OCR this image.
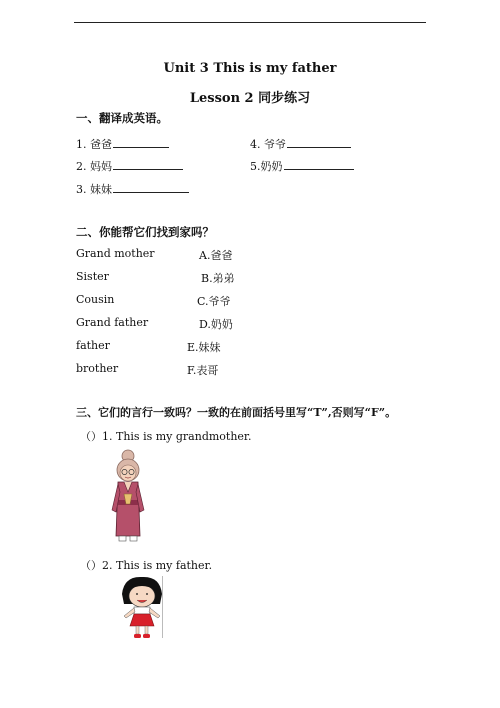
Unit 3 This is my father
Lesson 2 同步练习
一、翻译成英语。
1. 爸爸	4. 爷爷
2. 妈妈	5.奶奶
3. 妹妹
二、你能帮它们找到家吗？
Grand mother
Sister
Cousin
Grand father
father
brother
A.爸爸
B.弟弟
C.爷爷
D.奶奶
E.妹妹
F.表哥
三、它们的言行一致吗？一致的在前面括号里写“T”,否则写“F”。
（）1. This is my grandmother.
（）2. This is my father.
